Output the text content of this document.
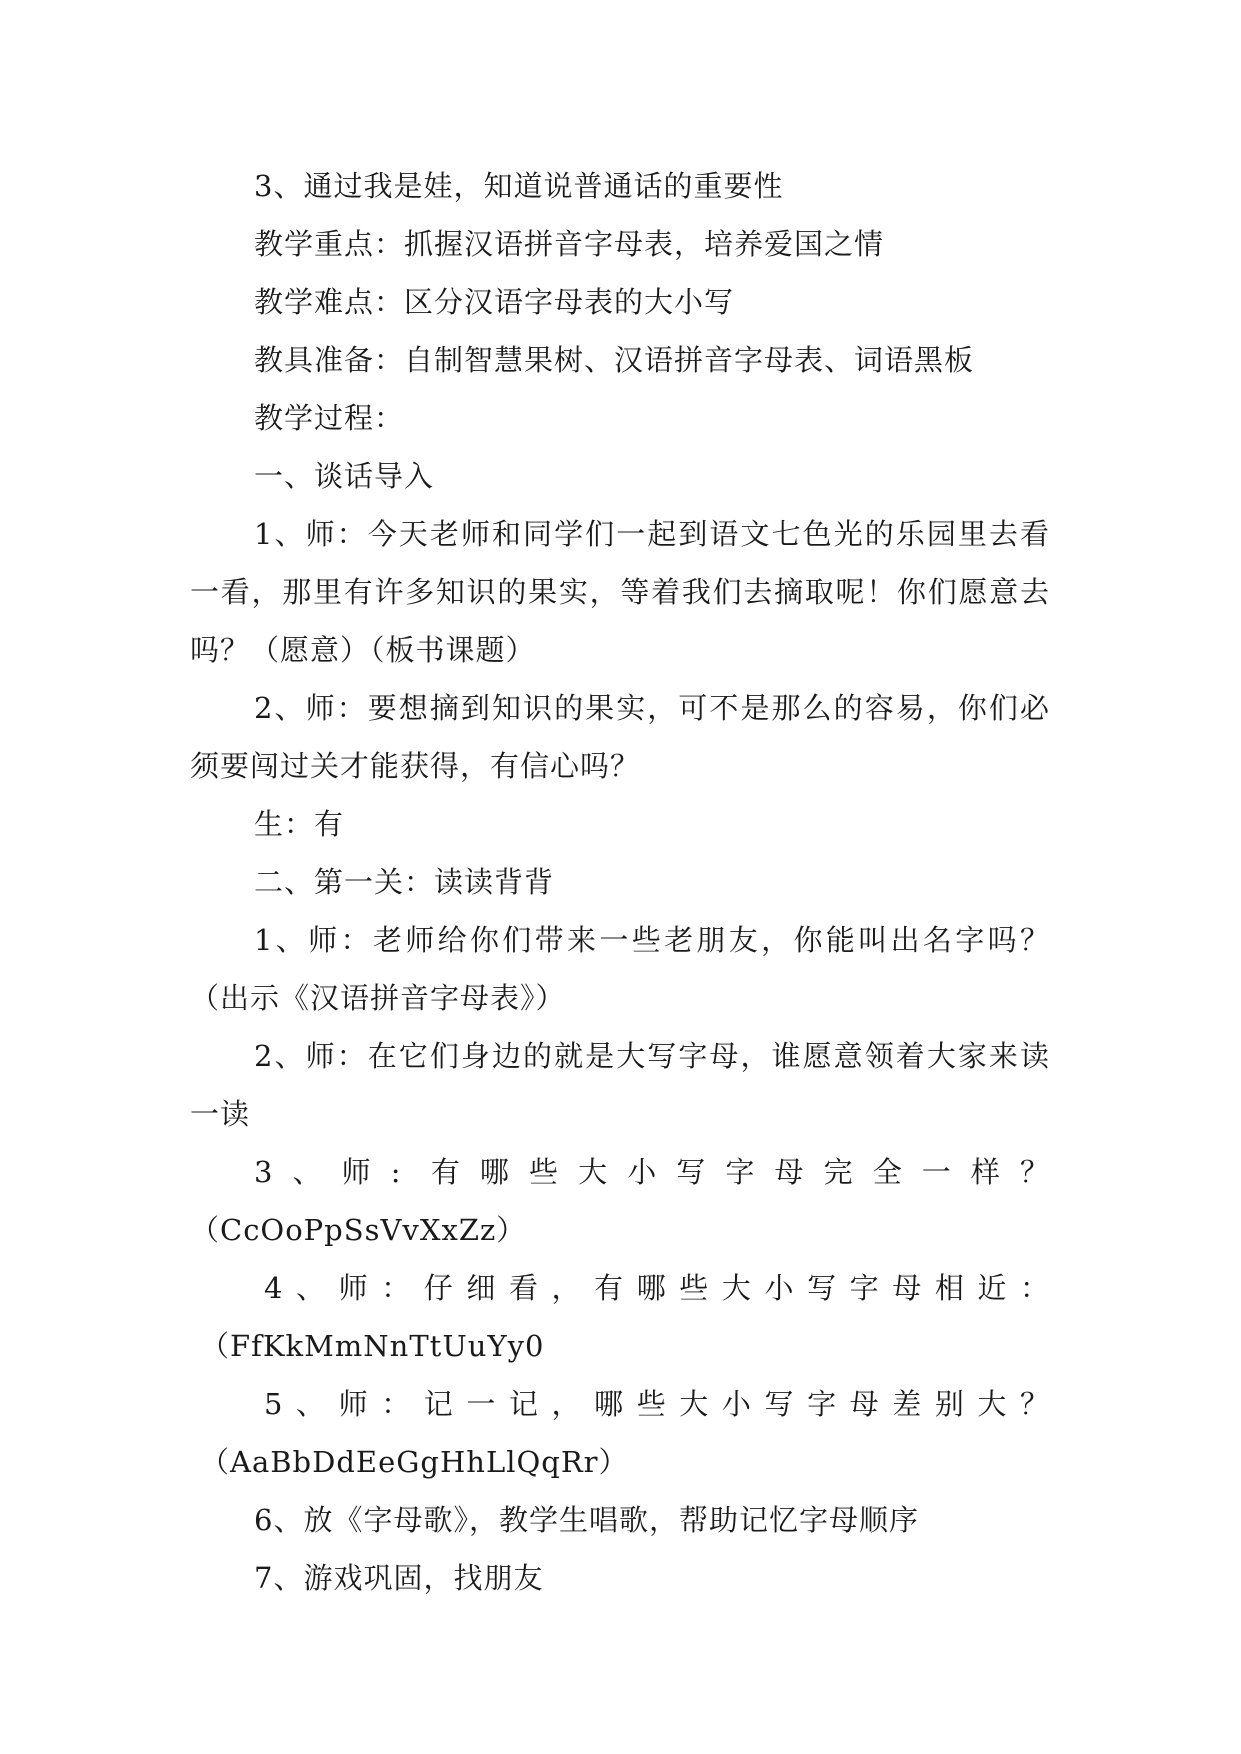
3、通过我是娃，知道说普通话的重要性

教学重点：抓握汉语拼音字母表，培养爱国之情

教学难点：区分汉语字母表的大小写

教具准备：自制智慧果树、汉语拼音字母表、词语黑板

教学过程：

一、谈话导入

1、师：今天老师和同学们一起到语文七色光的乐园里去看一看，那里有许多知识的果实，等着我们去摘取呢！你们愿意去吗？（愿意）（板书课题）

2、师：要想摘到知识的果实，可不是那么的容易，你们必须要闯过关才能获得，有信心吗？

生：有

二、第一关：读读背背

1、师：老师给你们带来一些老朋友，你能叫出名字吗？（出示《汉语拼音字母表》）

2、师：在它们身边的就是大写字母，谁愿意领着大家来读一读

3、师: 有哪些大小写字母完全一样？（CcOoPpSsVvXxZz）

4、师：仔细看，有哪些大小写字母相近：

（FfKkMmNnTtUuYy0

5、师：记一记，哪些大小写字母差别大？

（AaBbDdEeGgHhLlQqRr）

6、放《字母歌》，教学生唱歌，帮助记忆字母顺序

7、游戏巩固，找朋友
